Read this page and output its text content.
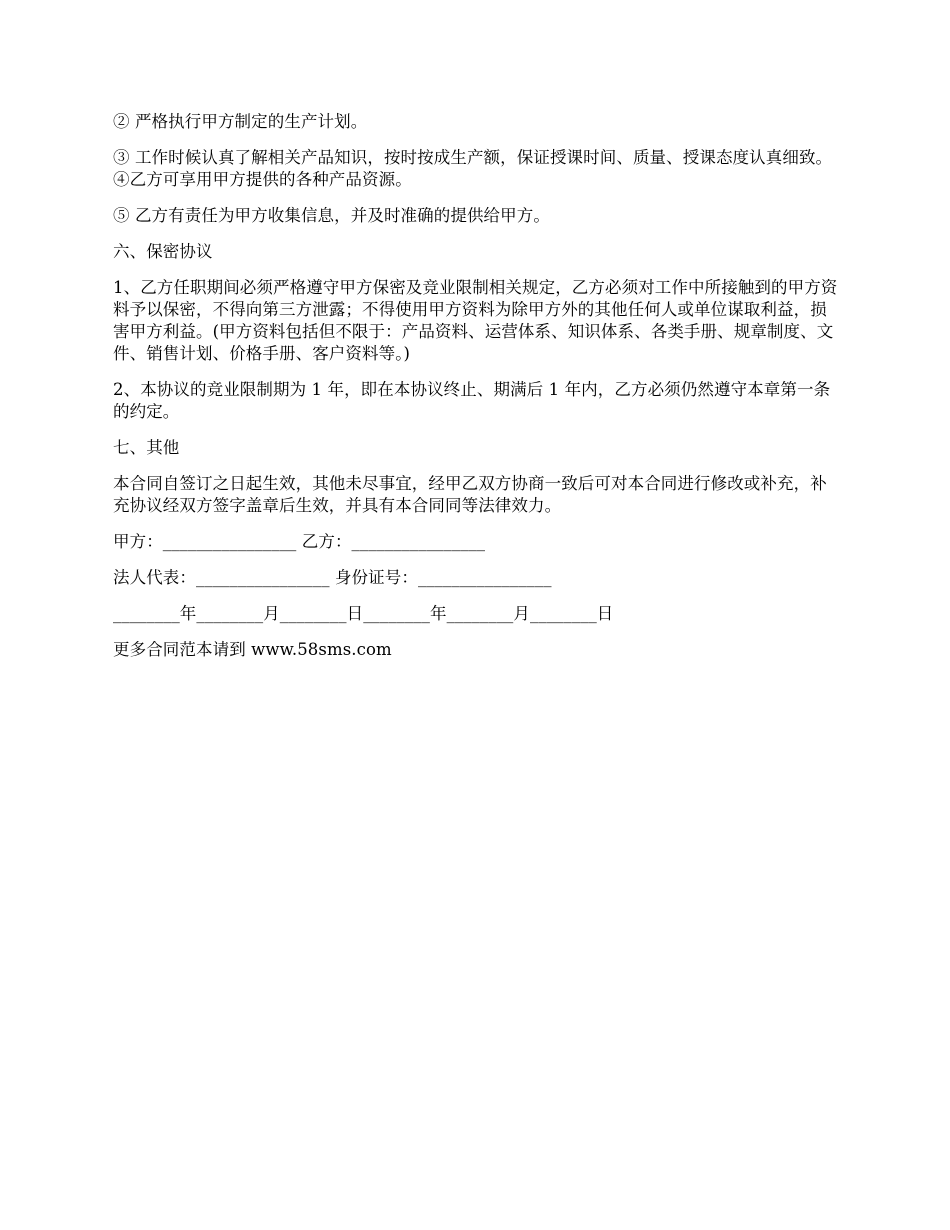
② 严格执行甲方制定的生产计划。

③ 工作时候认真了解相关产品知识，按时按成生产额，保证授课时间、质量、授课态度认真细致。 ④乙方可享用甲方提供的各种产品资源。

⑤ 乙方有责任为甲方收集信息，并及时准确的提供给甲方。

六、保密协议

1、乙方任职期间必须严格遵守甲方保密及竞业限制相关规定，乙方必须对工作中所接触到的甲方资料予以保密，不得向第三方泄露；不得使用甲方资料为除甲方外的其他任何人或单位谋取利益，损害甲方利益。(甲方资料包括但不限于：产品资料、运营体系、知识体系、各类手册、规章制度、文件、销售计划、价格手册、客户资料等。)

2、本协议的竞业限制期为 1 年，即在本协议终止、期满后 1 年内，乙方必须仍然遵守本章第一条的约定。

七、其他

本合同自签订之日起生效，其他未尽事宜，经甲乙双方协商一致后可对本合同进行修改或补充，补充协议经双方签字盖章后生效，并具有本合同同等法律效力。

甲方：________________ 乙方：________________

法人代表：________________ 身份证号：________________

________年________月________日________年________月________日

更多合同范本请到 www.58sms.com
